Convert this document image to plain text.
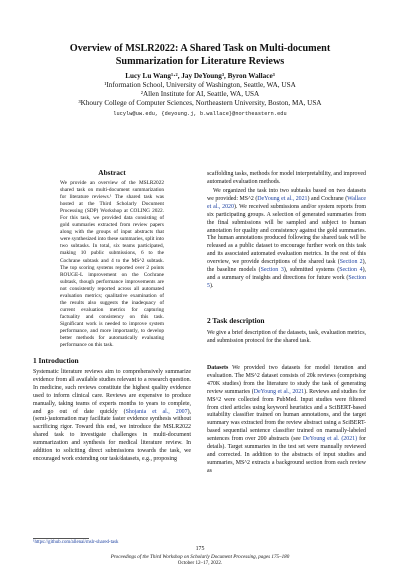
Overview of MSLR2022: A Shared Task on Multi-document
Summarization for Literature Reviews
Lucy Lu Wang¹·², Jay DeYoung³, Byron Wallace³
¹Information School, University of Washington, Seattle, WA, USA
²Allen Institute for AI, Seattle, WA, USA
³Khoury College of Computer Sciences, Northeastern University, Boston, MA, USA
lucylw@uw.edu, {deyoung.j, b.wallace}@northeastern.edu
Abstract
We provide an overview of the MSLR2022 shared task on multi-document summarization for literature reviews.¹ The shared task was hosted at the Third Scholarly Document Processing (SDP) Workshop at COLING 2022. For this task, we provided data consisting of gold summaries extracted from review papers along with the groups of input abstracts that were synthesized into these summaries, split into two subtasks. In total, six teams participated, making 10 public submissions, 6 to the Cochrane subtask and 4 to the MS^2 subtask. The top scoring systems reported over 2 points ROUGE-L improvement on the Cochrane subtask, though performance improvements are not consistently reported across all automated evaluation metrics; qualitative examination of the results also suggests the inadequacy of current evaluation metrics for capturing factuality and consistency on this task. Significant work is needed to improve system performance, and more importantly, to develop better methods for automatically evaluating performance on this task.
1 Introduction
Systematic literature reviews aim to comprehensively summarize evidence from all available studies relevant to a research question. In medicine, such reviews constitute the highest quality evidence used to inform clinical care. Reviews are expensive to produce manually, taking teams of experts months to years to complete, and go out of date quickly (Shojania et al., 2007), (semi-)automation may facilitate faster evidence synthesis without sacrificing rigor. Toward this end, we introduce the MSLR2022 shared task to investigate challenges in multi-document summarization and synthesis for medical literature review. In addition to soliciting direct submissions towards the task, we encouraged work extending our task/datasets, e.g., proposing
scaffolding tasks, methods for model interpretability, and improved automated evaluation methods.
We organized the task into two subtasks based on two datasets we provided: MS^2 (DeYoung et al., 2021) and Cochrane (Wallace et al., 2020). We received submissions and/or system reports from six participating groups. A selection of generated summaries from the final submissions will be sampled and subject to human annotation for quality and consistency against the gold summaries. The human annotations produced following the shared task will be released as a public dataset to encourage further work on this task and its associated automated evaluation metrics. In the rest of this overview, we provide descriptions of the shared task (Section 2), the baseline models (Section 3), submitted systems (Section 4), and a summary of insights and directions for future work (Section 5).
2 Task description
We give a brief description of the datasets, task, evaluation metrics, and submission protocol for the shared task.
Datasets We provided two datasets for model iteration and evaluation. The MS^2 dataset consists of 20k reviews (comprising 470K studies) from the literature to study the task of generating review summaries (DeYoung et al., 2021). Reviews and studies for MS^2 were collected from PubMed. Input studies were filtered from cited articles using keyword heuristics and a SciBERT-based suitability classifier trained on human annotations, and the target summary was extracted from the review abstract using a SciBERT-based sequential sentence classifier trained on manually-labeled sentences from over 200 abstracts (see DeYoung et al. (2021) for details). Target summaries in the test set were manually reviewed and corrected. In addition to the abstracts of input studies and summaries, MS^2 extracts a background section from each review as
¹https://github.com/allenai/mslr-shared-task
175
Proceedings of the Third Workshop on Scholarly Document Processing, pages 175–180
October 12–17, 2022.
